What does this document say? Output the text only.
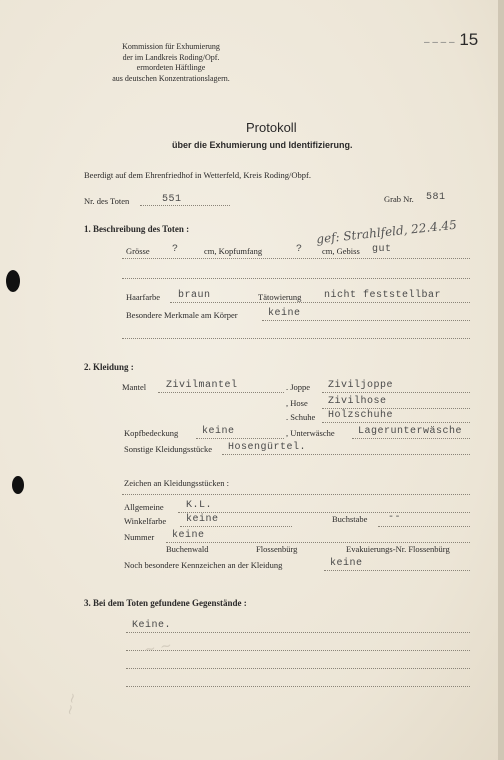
– – – – 15
Kommission für Exhumierung
der im Landkreis Roding/Opf.
ermordeten Häftlinge
aus deutschen Konzentrationslagern.
Protokoll
über die Exhumierung und Identifizierung.
Beerdigt auf dem Ehrenfriedhof in Wetterfeld, Kreis Roding/Obpf.
Nr. des Toten	551	Grab Nr. 581
1. Beschreibung des Toten :	gef: Strahlfeld, 22.4.45
Grösse ?	cm, Kopfumfang	? cm, Gebiss gut
Haarfarbe braun	Tätowierung nicht feststellbar
Besondere Merkmale am Körper	keine
2. Kleidung :
Mantel Zivilmantel	. Joppe Ziviljoppe
, Hose Zivilhose
. Schuhe Holzschuhe
Kopfbedeckung keine	, Unterwäsche Lagerunterwäsche
Sonstige Kleidungsstücke Hosengürtel.
Zeichen an Kleidungsstücken :
Allgemeine K.L.
Winkelfarbe keine	Buchstabe --
Nummer keine
Buchenwald	Flossenbürg	Evakuierungs-Nr. Flossenbürg
Noch besondere Kennzeichen an der Kleidung	keine
3. Bei dem Toten gefundene Gegenstände :
Keine.
~ ~
~~
